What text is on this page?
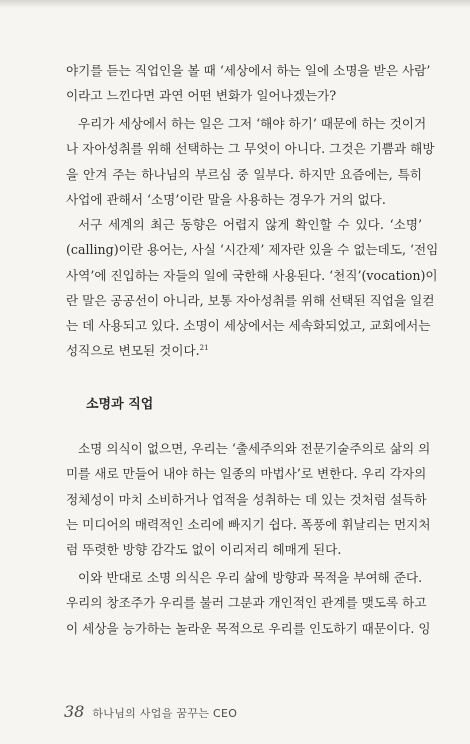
야기를 듣는 직업인을 볼 때 ‘세상에서 하는 일에 소명을 받은 사람’
이라고 느낀다면 과연 어떤 변화가 일어나겠는가?
우리가 세상에서 하는 일은 그저 ‘해야 하기’ 때문에 하는 것이거
나 자아성취를 위해 선택하는 그 무엇이 아니다. 그것은 기쁨과 해방
을 안겨 주는 하나님의 부르심 중 일부다. 하지만 요즘에는, 특히
사업에 관해서 ‘소명’이란 말을 사용하는 경우가 거의 없다.
서구 세계의 최근 동향은 어렵지 않게 확인할 수 있다. ‘소명’
(calling)이란 용어는, 사실 ‘시간제’ 제자란 있을 수 없는데도, ‘전임
사역’에 진입하는 자들의 일에 국한해 사용된다. ‘천직’(vocation)이
란 말은 공공선이 아니라, 보통 자아성취를 위해 선택된 직업을 일컫
는 데 사용되고 있다. 소명이 세상에서는 세속화되었고, 교회에서는
성직으로 변모된 것이다.$^{21}$
소명과 직업
소명 의식이 없으면, 우리는 ‘출세주의와 전문기술주의로 삶의 의
미를 새로 만들어 내야 하는 일종의 마법사’로 변한다. 우리 각자의
정체성이 마치 소비하거나 업적을 성취하는 데 있는 것처럼 설득하
는 미디어의 매력적인 소리에 빠지기 쉽다. 폭풍에 휘날리는 먼지처
럼 뚜렷한 방향 감각도 없이 이리저리 헤매게 된다.
이와 반대로 소명 의식은 우리 삶에 방향과 목적을 부여해 준다.
우리의 창조주가 우리를 불러 그분과 개인적인 관계를 맺도록 하고
이 세상을 능가하는 놀라운 목적으로 우리를 인도하기 때문이다. 잉
38 하나님의 사업을 꿈꾸는 CEO
